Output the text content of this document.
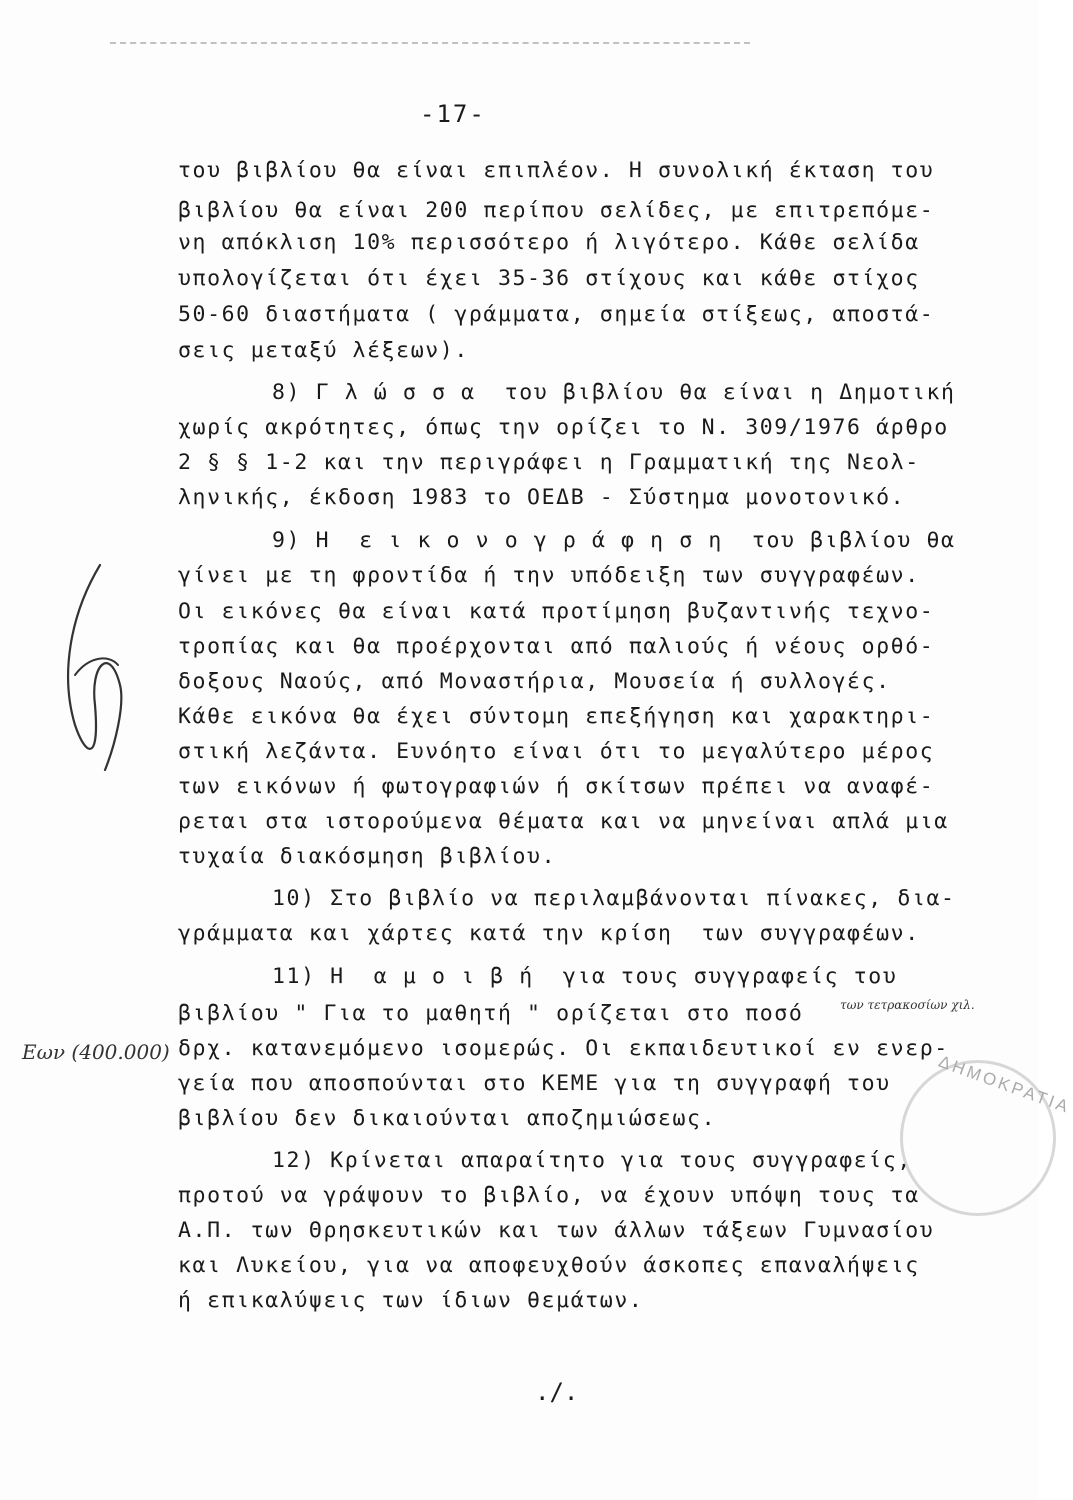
-17-
του βιβλίου θα είναι επιπλέον. Η συνολική έκταση του
βιβλίου θα είναι 200 περίπου σελίδες, με επιτρεπόμε-
νη απόκλιση 10% περισσότερο ή λιγότερο. Κάθε σελίδα
υπολογίζεται ότι έχει 35-36 στίχους και κάθε στίχος
50-60 διαστήματα ( γράμματα, σημεία στίξεως, αποστά-
σεις μεταξύ λέξεων).
8) Γ λ ώ σ σ α  του βιβλίου θα είναι η Δημοτική
χωρίς ακρότητες, όπως την ορίζει το Ν. 309/1976 άρθρο
2 § § 1-2 και την περιγράφει η Γραμματική της Νεολ-
ληνικής, έκδοση 1983 το ΟΕΔΒ - Σύστημα μονοτονικό.
9) Η  ε ι κ ο ν ο γ ρ ά φ η σ η  του βιβλίου θα
γίνει με τη φροντίδα ή την υπόδειξη των συγγραφέων.
Οι εικόνες θα είναι κατά προτίμηση βυζαντινής τεχνο-
τροπίας και θα προέρχονται από παλιούς ή νέους ορθό-
δοξους Ναούς, από Μοναστήρια, Μουσεία ή συλλογές.
Κάθε εικόνα θα έχει σύντομη επεξήγηση και χαρακτηρι-
στική λεζάντα. Ευνόητο είναι ότι το μεγαλύτερο μέρος
των εικόνων ή φωτογραφιών ή σκίτσων πρέπει να αναφέ-
ρεται στα ιστορούμενα θέματα και να μηνείναι απλά μια
τυχαία διακόσμηση βιβλίου.
10) Στο βιβλίο να περιλαμβάνονται πίνακες, δια-
γράμματα και χάρτες κατά την κρίση  των συγγραφέων.
11) Η  α μ ο ι β ή  για τους συγγραφείς του
βιβλίου " Για το μαθητή " ορίζεται στο ποσό
δρχ. κατανεμόμενο ισομερώς. Οι εκπαιδευτικοί εν ενερ-
γεία που αποσπούνται στο ΚΕΜΕ για τη συγγραφή του
βιβλίου δεν δικαιούνται αποζημιώσεως.
12) Κρίνεται απαραίτητο για τους συγγραφείς,
προτού να γράψουν το βιβλίο, να έχουν υπόψη τους τα
Α.Π. των Θρησκευτικών και των άλλων τάξεων Γυμνασίου
και Λυκείου, για να αποφευχθούν άσκοπες επαναλήψεις
ή επικαλύψεις των ίδιων θεμάτων.
Εων (400.000)
των τετρακοσίων χιλ.
ΔΗΜΟΚΡΑΤΙΑ
./.
